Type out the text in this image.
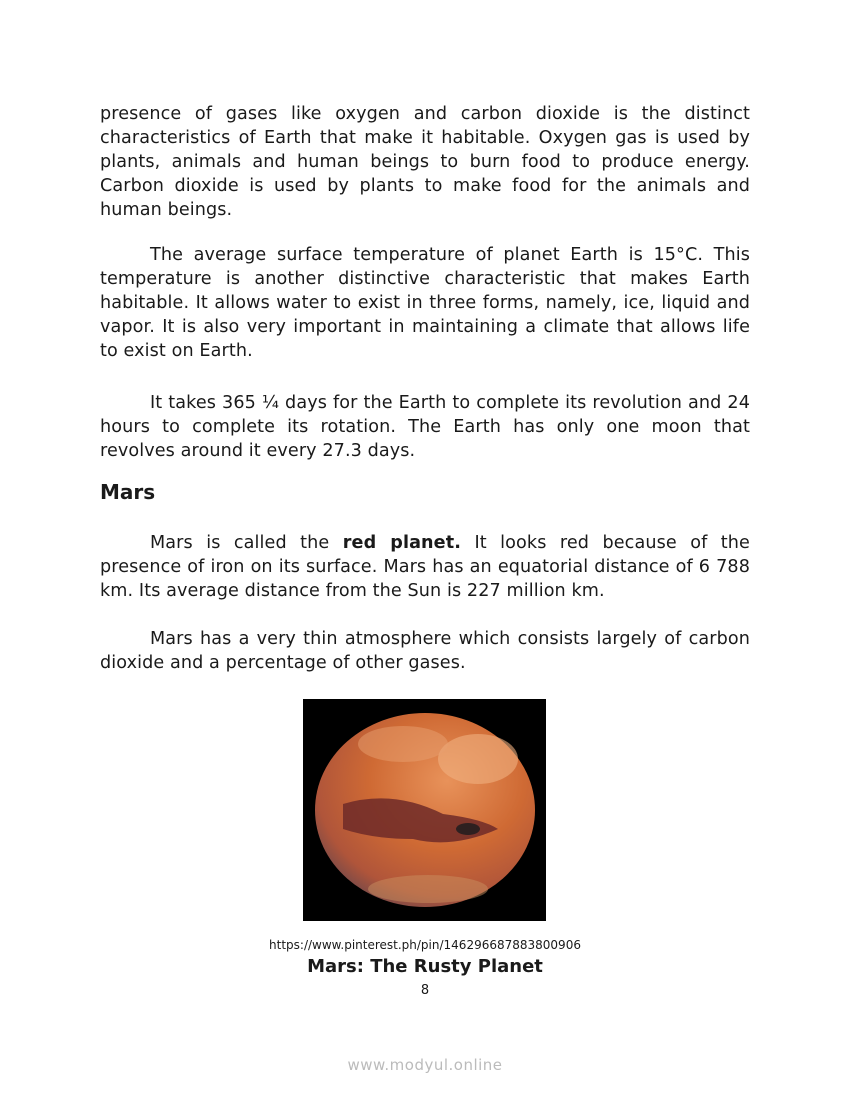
presence of gases like oxygen and carbon dioxide is the distinct characteristics of Earth that make it habitable. Oxygen gas is used by plants, animals and human beings to burn food to produce energy. Carbon dioxide is used by plants to make food for the animals and human beings.

The average surface temperature of planet Earth is 15°C. This temperature is another distinctive characteristic that makes Earth habitable. It allows water to exist in three forms, namely, ice, liquid and vapor. It is also very important in maintaining a climate that allows life to exist on Earth.

It takes 365 ¼ days for the Earth to complete its revolution and 24 hours to complete its rotation. The Earth has only one moon that revolves around it every 27.3 days.

Mars

Mars is called the red planet. It looks red because of the presence of iron on its surface. Mars has an equatorial distance of 6 788 km. Its average distance from the Sun is 227 million km.

Mars has a very thin atmosphere which consists largely of carbon dioxide and a percentage of other gases.

https://www.pinterest.ph/pin/146296687883800906

Mars: The Rusty Planet

8

www.modyul.online
